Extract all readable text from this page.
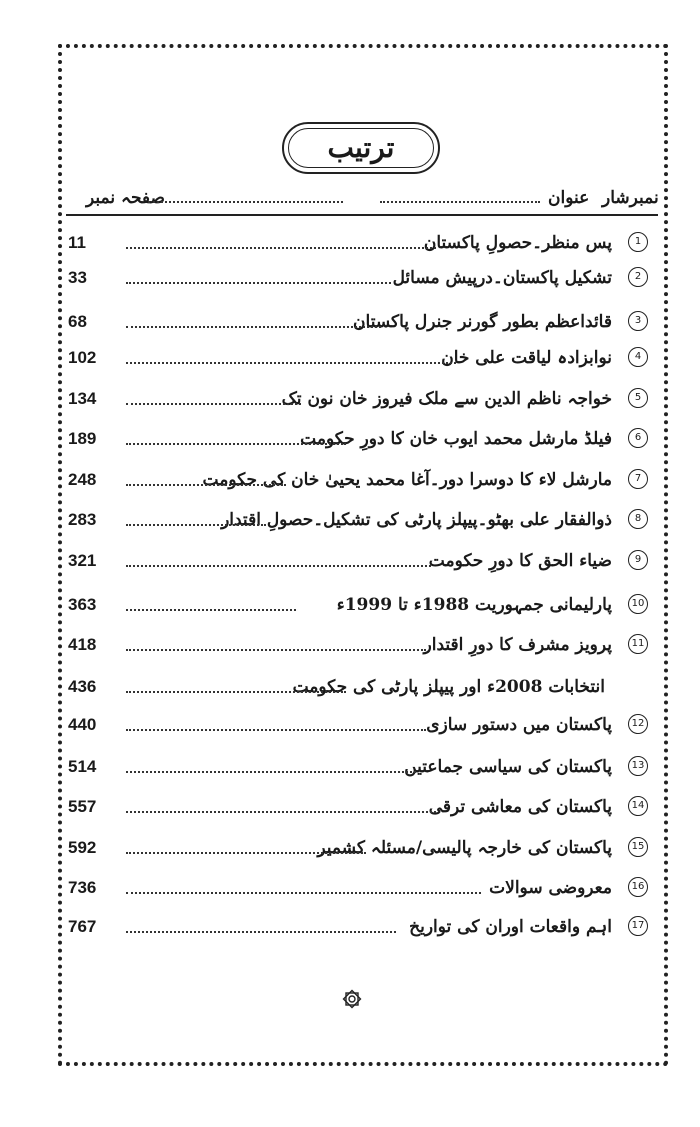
ترتیب
نمبرشار
عنوان
صفحہ نمبر
1
پس منظر۔حصولِ پاکستان
11
2
تشکیل پاکستان۔درپیش مسائل
33
3
قائداعظم بطور گورنر جنرل پاکستان
68
4
نوابزادہ لیاقت علی خان
102
5
خواجہ ناظم الدین سے ملک فیروز خان نون تک
134
6
فیلڈ مارشل محمد ایوب خان کا دورِ حکومت
189
7
مارشل لاء کا دوسرا دور۔آغا محمد یحییٰ خان کی حکومت
248
8
ذوالفقار علی بھٹو۔پیپلز پارٹی کی تشکیل۔حصولِ اقتدار
283
9
ضیاء الحق کا دورِ حکومت
321
10
پارلیمانی جمہوریت 1988ء تا 1999ء
363
11
پرویز مشرف کا دورِ اقتدار
418
انتخابات 2008ء اور پیپلز پارٹی کی حکومت
436
12
پاکستان میں دستور سازی
440
13
پاکستان کی سیاسی جماعتیں
514
14
پاکستان کی معاشی ترقی
557
15
پاکستان کی خارجہ پالیسی/مسئلہ کشمیر
592
16
معروضی سوالات
736
17
اہم واقعات اوران کی تواریخ
767
